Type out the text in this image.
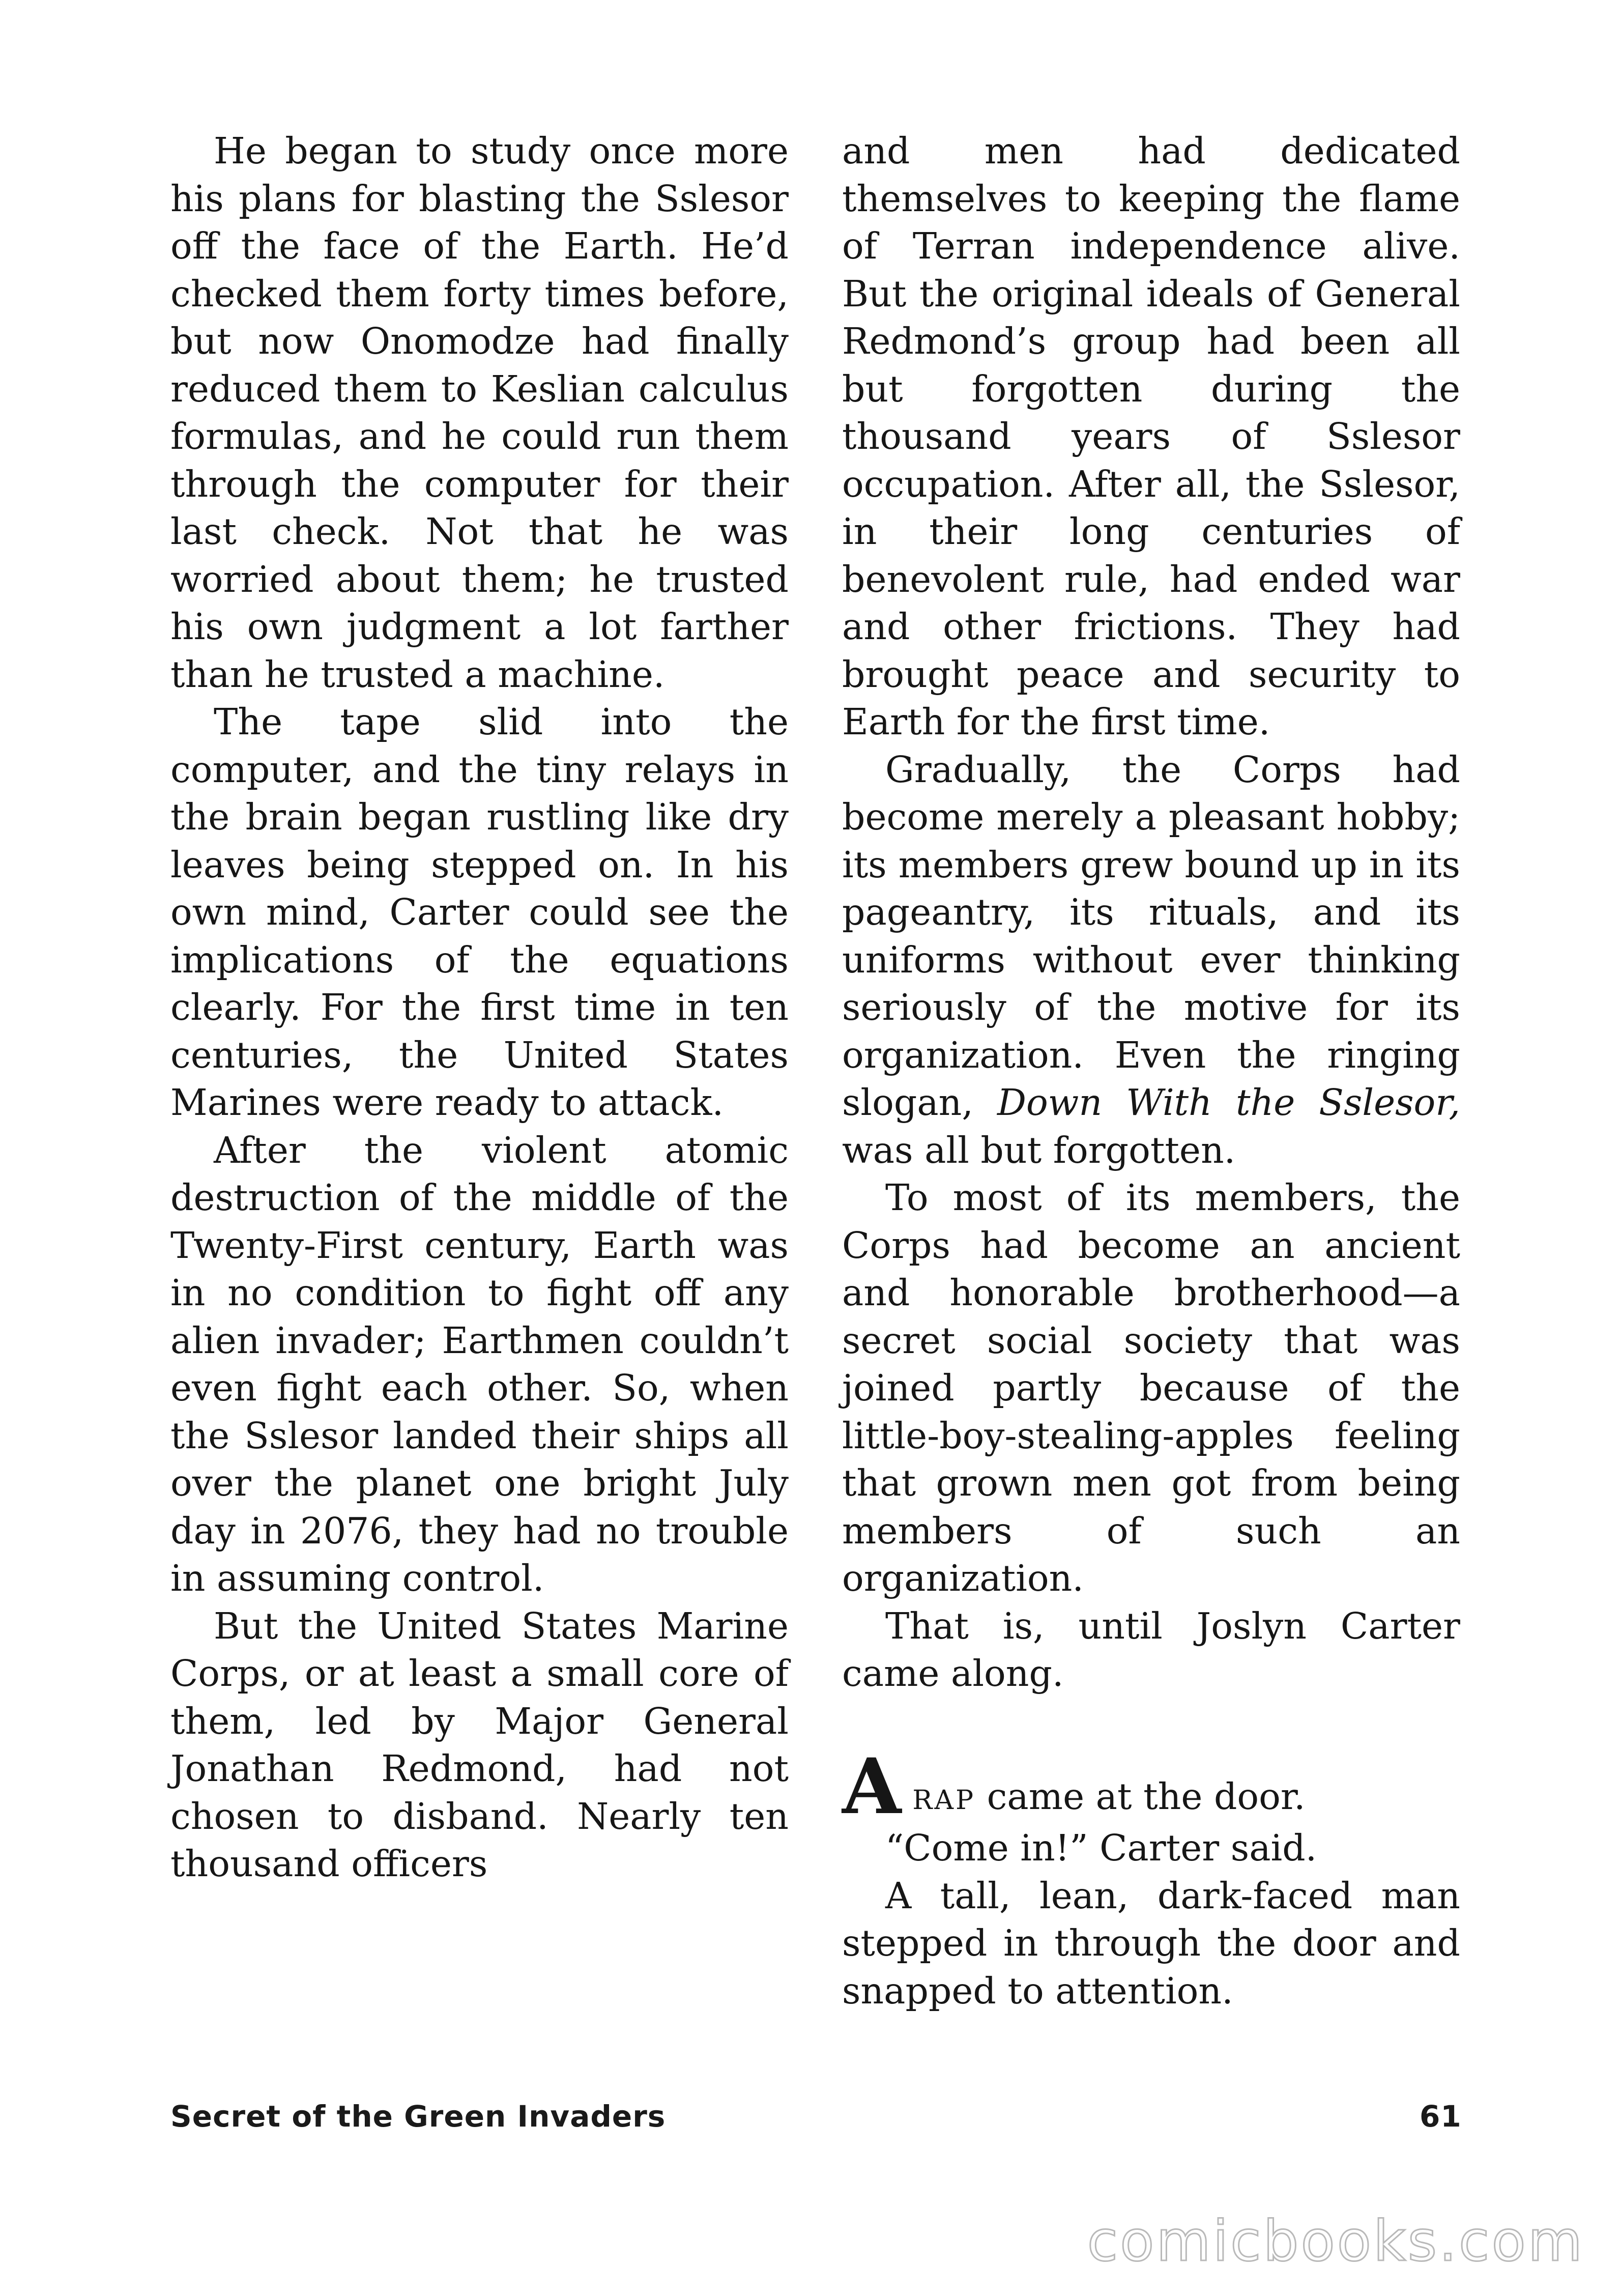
He began to study once more his plans for blasting the Sslesor off the face of the Earth. He’d checked them forty times before, but now Onomodze had finally reduced them to Keslian calculus formulas, and he could run them through the computer for their last check. Not that he was worried about them; he trusted his own judgment a lot farther than he trusted a machine.

The tape slid into the computer, and the tiny relays in the brain began rustling like dry leaves being stepped on. In his own mind, Carter could see the implications of the equations clearly. For the first time in ten centuries, the United States Marines were ready to attack.

After the violent atomic destruction of the middle of the Twenty-First century, Earth was in no condition to fight off any alien invader; Earthmen couldn’t even fight each other. So, when the Sslesor landed their ships all over the planet one bright July day in 2076, they had no trouble in assuming control.

But the United States Marine Corps, or at least a small core of them, led by Major General Jonathan Redmond, had not chosen to disband. Nearly ten thousand officers

and men had dedicated themselves to keeping the flame of Terran independence alive. But the original ideals of General Redmond’s group had been all but forgotten during the thousand years of Sslesor occupation. After all, the Sslesor, in their long centuries of benevolent rule, had ended war and other frictions. They had brought peace and security to Earth for the first time.

Gradually, the Corps had become merely a pleasant hobby; its members grew bound up in its pageantry, its rituals, and its uniforms without ever thinking seriously of the motive for its organization. Even the ringing slogan, Down With the Sslesor, was all but forgotten.

To most of its members, the Corps had become an ancient and honorable brotherhood—a secret social society that was joined partly because of the little-boy-stealing-apples feeling that grown men got from being members of such an organization.

That is, until Joslyn Carter came along.

ARAP came at the door.

“Come in!” Carter said.

A tall, lean, dark-faced man stepped in through the door and snapped to attention.

Secret of the Green Invaders	61
comicbooks.com
